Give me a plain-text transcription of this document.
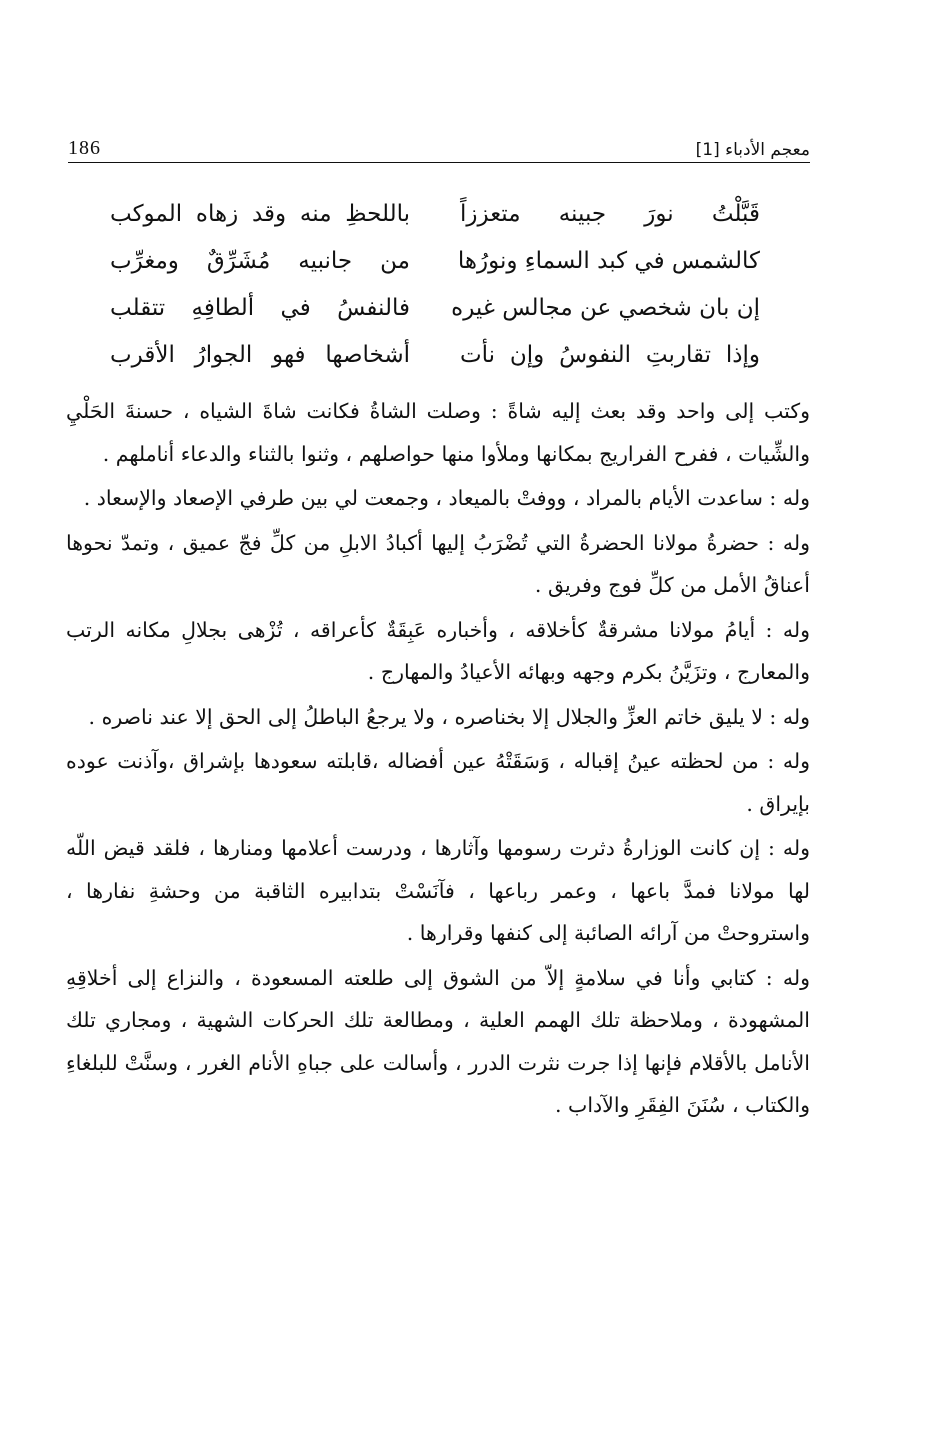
186	معجم الأدباء [1]
قَبَّلْتُ نورَ جبينه متعززاً
باللحظِ منه وقد زهاه الموكب
كالشمس في كبد السماءِ ونورُها
من جانبيه مُشَرِّقٌ ومغرِّب
إن بان شخصي عن مجالس غيره
فالنفسُ في ألطافِهِ تتقلب
وإذا تقاربتِ النفوسُ وإن نأت
أشخاصها فهو الجوارُ الأقرب

وكتب إلى واحد وقد بعث إليه شاةً : وصلت الشاةُ فكانت شاةَ الشياه ، حسنةَ الحَلْيِ والشِّيات ، ففرح الفراريج بمكانها وملأوا منها حواصلهم ، وثنوا بالثناء والدعاء أناملهم .

وله : ساعدت الأيام بالمراد ، ووفتْ بالميعاد ، وجمعت لي بين طرفي الإصعاد والإسعاد .

وله : حضرةُ مولانا الحضرةُ التي تُضْرَبُ إليها أكبادُ الابلِ من كلِّ فجّ عميق ، وتمدّ نحوها أعناقُ الأمل من كلِّ فوج وفريق .

وله : أيامُ مولانا مشرقةٌ كأخلاقه ، وأخباره عَبِقَةٌ كأعراقه ، تُزْهى بجلالِ مكانه الرتب والمعارج ، وتزَيَّنُ بكرم وجهه وبهائه الأعيادُ والمهارج .

وله : لا يليق خاتم العزِّ والجلال إلا بخناصره ، ولا يرجعُ الباطلُ إلى الحق إلا عند ناصره .

وله : من لحظته عينُ إقباله ، وَسَقَتْهُ عين أفضاله ،قابلته سعودها بإشراق ،وآذنت عوده بإيراق .

وله : إن كانت الوزارةُ دثرت رسومها وآثارها ، ودرست أعلامها ومنارها ، فلقد قيض اللّه لها مولانا فمدَّ باعها ، وعمر رباعها ، فآنَسْتْ بتدابيره الثاقبة من وحشةِ نفارها ، واستروحتْ من آرائه الصائبة إلى كنفها وقرارها .

وله : كتابي وأنا في سلامةٍ إلاّ من الشوق إلى طلعته المسعودة ، والنزاع إلى أخلاقِهِ المشهودة ، وملاحظة تلك الهمم العلية ، ومطالعة تلك الحركات الشهية ، ومجاري تلك الأنامل بالأقلام فإنها إذا جرت نثرت الدرر ، وأسالت على جباهِ الأنام الغرر ، وسنَّتْ للبلغاءِ والكتاب ، سُنَنَ الفِقَرِ والآداب .
